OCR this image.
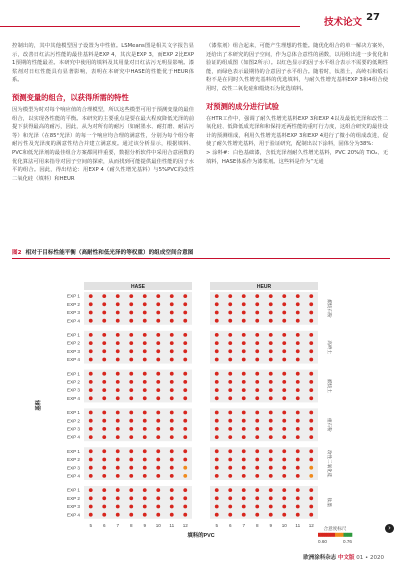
技术论文 27

控制出的，其中其他模型因子设置为中性值。LSMeans图是相关文字报告显示，改善日红沾污性能的最佳基料是EXP 4，其次是EXP 3，而EXP 2比EXP 1预期的性能最差。本研究中使用的填料及其用量对日红沾污无明显影响。漆浆剂对日红性能具有显著影响，表明在本研究中HASE的性能优于HEUR体系。

预测变量的组合，以获得所需的特性

因为模型为时对每个响应值的合理模型，所以这些模型可用于预测变量的最佳组合，以实现各性能的平衡。本研究的主要重点是要在最大程度降低光泽的前提下获得最高的耐污，因此，从为对所有的耐污（如耐墨水、耐打磨、耐沾污等）和光泽（在85°光泽）的每一个响应均合理的满意性，分别为每个组分将耐污性及光泽度的满意性结合并建立满意度。通过该分析显示，根据填料、PVC和低光泽剂的最佳组合方案都同样重要，数据分析软件中采用合意函数的优化算法可用来指导对因子空间的探索，从而找到可能提供最佳性能的因子水平的组合。因此，得出结论：用EXP 4（耐久性增光基料）与5%PVC的改性二氧化硅（填料）和HEUR

（漆浆剂）组合起来，可能产生理想的性能。随优化组合的单一解决方案外，还给出了本研究的因子空间，作为总体合意性的函数，以用组出进一步优化和验证的组成图（如图2所示）。以红色显示的因子水平组合表示不需要的低期性能，而绿色表示最期待的合意因子水平组合。随着时，钛墨土，高岭石和煅石粉不是在同时久性增光基料的优选填料，与耐久性增光基料EXP 3和4组合使用时，改性二氧化硅和煅烧石为优选填料。

对预测的成分进行试验

在HTR工作中，强调了耐久性增光基料EXP 3和EXP 4以及最低光泽和改性二氧化硅、低降低成光泽和和保持近两性能的重叮行力度，这组合研究的最佳设计的预测组成，利用久性增光基料EXP 3和EXP 4进行了微小的组成改进，促使了耐久性增光基料，用于验证研究，配制出以下涂料，固体分为38%：

> 涂料#：白色基础漆，含低光泽剂耐久性增光基料，PVC 20%的 TiO₂、无填料，HASE体系作为漆浆剂。这些料是作为“无通

图2 相对于目标性能平衡（高耐性和低光泽的等权重）的组成空间合意图
HASE	HEUR
煅烧石粉
EXP 1
EXP 2
EXP 3
EXP 4
高岭土
EXP 1
EXP 2
EXP 3
EXP 4
煅烧土
EXP 1
EXP 2
EXP 3
EXP 4
重石粉
EXP 1
EXP 2
EXP 3
EXP 4
改性二氧化硅
EXP 1
EXP 2
EXP 3
EXP 4
钛墨
EXP 1
EXP 2
EXP 3
EXP 4
基料
5 6 7 8 9 10 11 12	5 6 7 8 9 10 11 12
填料的PVC
合意度标尺
0.60	0.76
›
欧洲涂料杂志 中文版 01 • 2020
